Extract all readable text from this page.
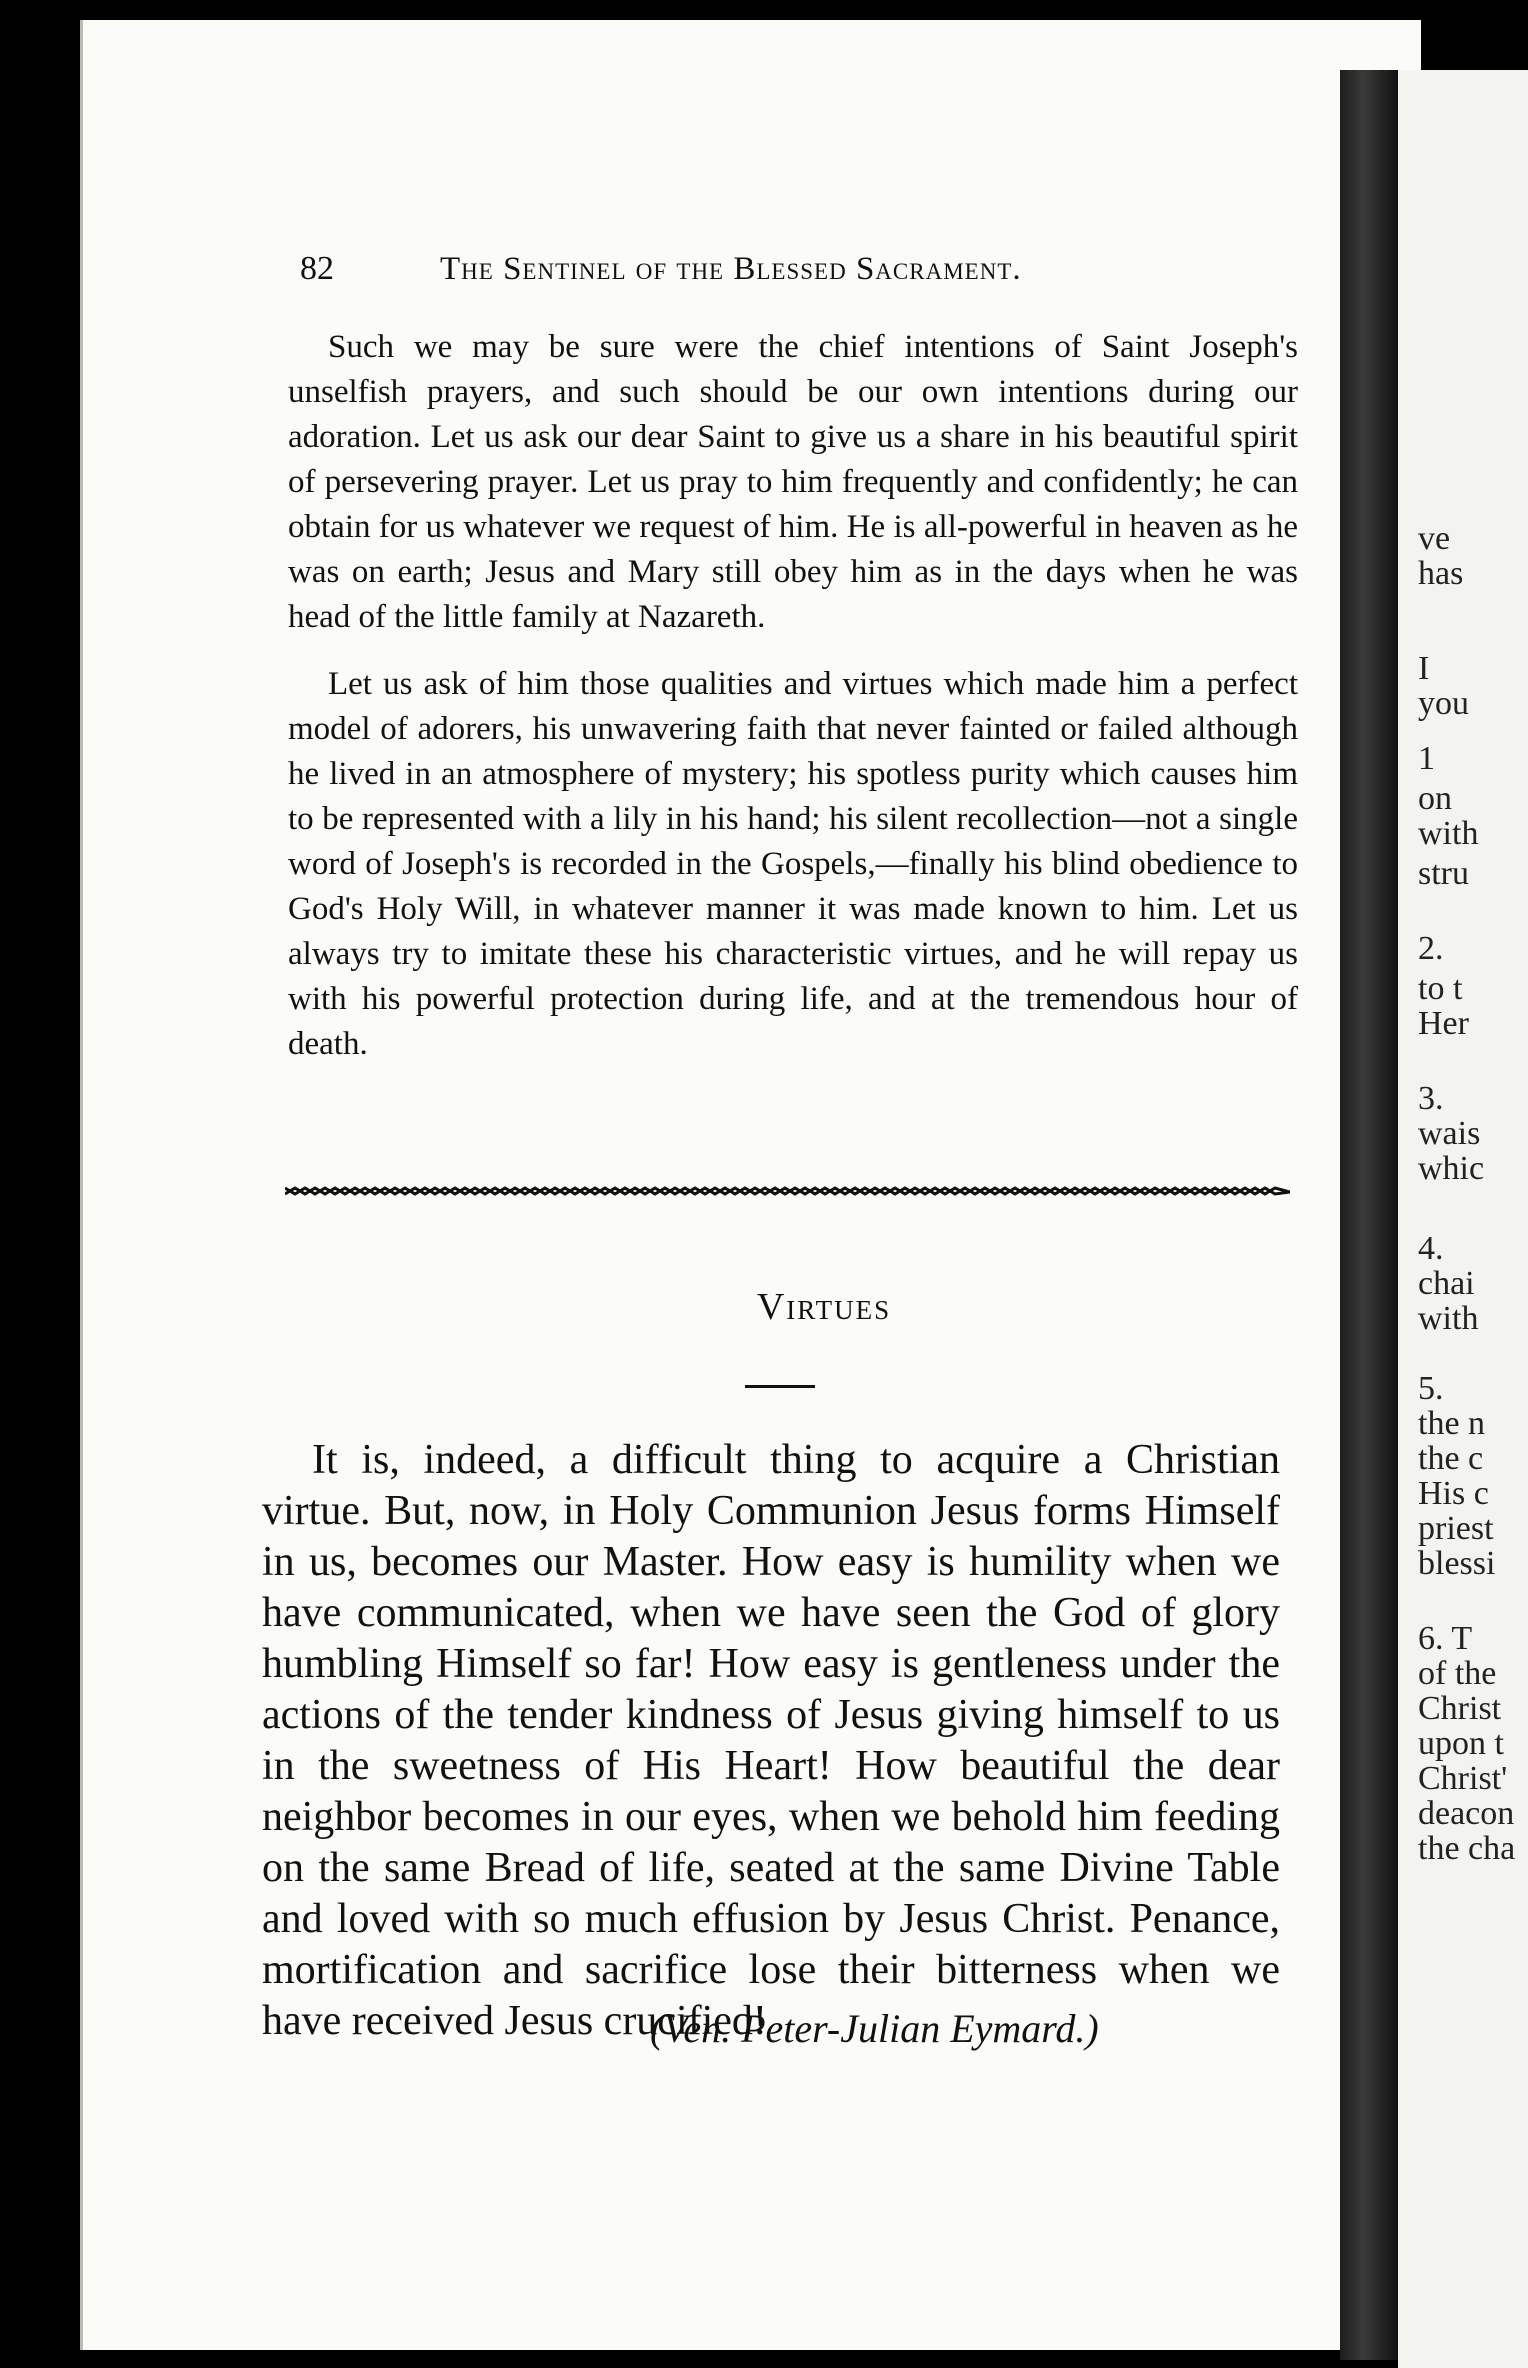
ve
has
I
you
1
on
with
stru
2.
to t
Her
3.
wais
whic
4.
chai
with
5.
the n
the c
His c
priest
blessi
6. T
of the
Christ
upon t
Christ'
deacon
the cha
82	The Sentinel of the Blessed Sacrament.

Such we may be sure were the chief intentions of Saint Joseph's unselfish prayers, and such should be our own intentions during our adoration. Let us ask our dear Saint to give us a share in his beautiful spirit of persevering prayer. Let us pray to him frequently and confidently; he can obtain for us whatever we request of him. He is all-powerful in heaven as he was on earth; Jesus and Mary still obey him as in the days when he was head of the little family at Nazareth.

Let us ask of him those qualities and virtues which made him a perfect model of adorers, his unwavering faith that never fainted or failed although he lived in an atmosphere of mystery; his spotless purity which causes him to be represented with a lily in his hand; his silent recollection—not a single word of Joseph's is recorded in the Gospels,—finally his blind obedience to God's Holy Will, in whatever manner it was made known to him. Let us always try to imitate these his characteristic virtues, and he will repay us with his powerful protection during life, and at the tremendous hour of death.

Virtues

It is, indeed, a difficult thing to acquire a Christian virtue. But, now, in Holy Communion Jesus forms Himself in us, becomes our Master. How easy is humility when we have communicated, when we have seen the God of glory humbling Himself so far! How easy is gentleness under the actions of the tender kindness of Jesus giving himself to us in the sweetness of His Heart! How beautiful the dear neighbor becomes in our eyes, when we behold him feeding on the same Bread of life, seated at the same Divine Table and loved with so much effusion by Jesus Christ. Penance, mortification and sacrifice lose their bitterness when we have received Jesus crucified!

(Ven. Peter-Julian Eymard.)
